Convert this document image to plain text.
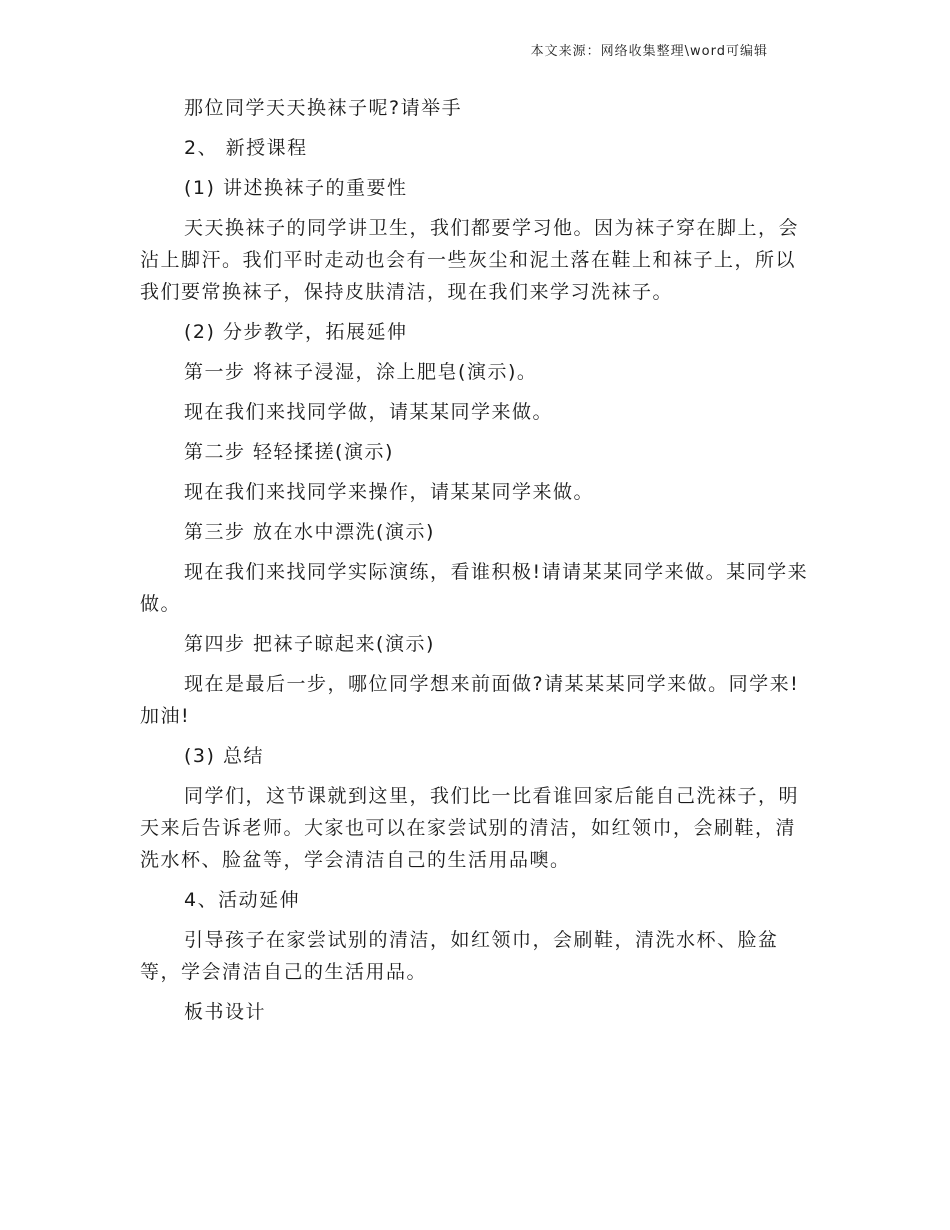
本文来源：网络收集整理\word可编辑

那位同学天天换袜子呢?请举手

2、 新授课程

(1) 讲述换袜子的重要性

天天换袜子的同学讲卫生，我们都要学习他。因为袜子穿在脚上，会沾上脚汗。我们平时走动也会有一些灰尘和泥土落在鞋上和袜子上，所以我们要常换袜子，保持皮肤清洁，现在我们来学习洗袜子。

(2) 分步教学，拓展延伸

第一步 将袜子浸湿，涂上肥皂(演示)。

现在我们来找同学做，请某某同学来做。

第二步 轻轻揉搓(演示)

现在我们来找同学来操作，请某某同学来做。

第三步 放在水中漂洗(演示)

现在我们来找同学实际演练，看谁积极!请请某某同学来做。某同学来做。

第四步 把袜子晾起来(演示)

现在是最后一步，哪位同学想来前面做?请某某某同学来做。同学来!加油!

(3) 总结

同学们，这节课就到这里，我们比一比看谁回家后能自己洗袜子，明天来后告诉老师。大家也可以在家尝试别的清洁，如红领巾，会刷鞋，清洗水杯、脸盆等，学会清洁自己的生活用品噢。

4、活动延伸

引导孩子在家尝试别的清洁，如红领巾，会刷鞋，清洗水杯、脸盆等，学会清洁自己的生活用品。

板书设计
